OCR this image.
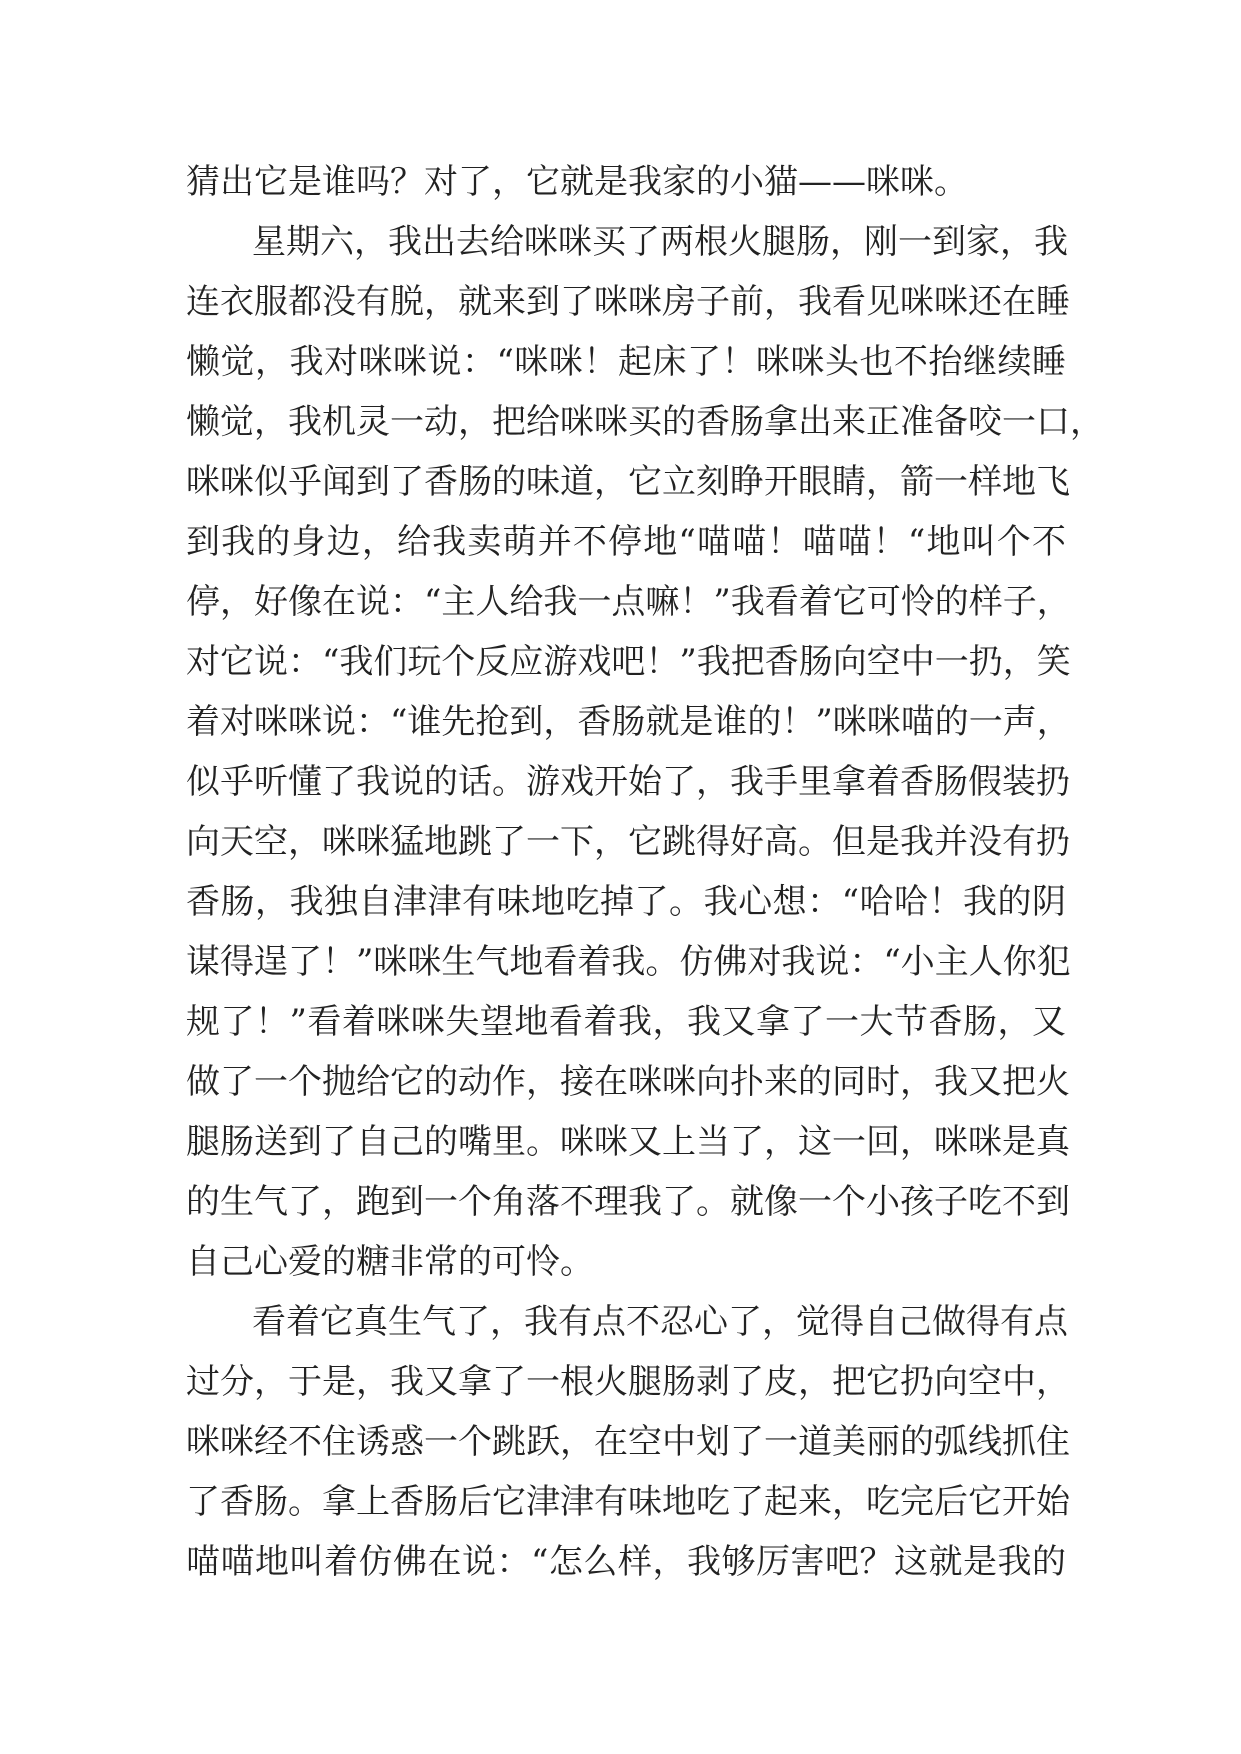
猜出它是谁吗？对了，它就是我家的小猫——咪咪。
星期六，我出去给咪咪买了两根火腿肠，刚一到家，我
连衣服都没有脱，就来到了咪咪房子前，我看见咪咪还在睡
懒觉，我对咪咪说：“咪咪！起床了！咪咪头也不抬继续睡
懒觉，我机灵一动，把给咪咪买的香肠拿出来正准备咬一口，
咪咪似乎闻到了香肠的味道，它立刻睁开眼睛，箭一样地飞
到我的身边，给我卖萌并不停地“喵喵！喵喵！“地叫个不
停，好像在说：“主人给我一点嘛！”我看着它可怜的样子，
对它说：“我们玩个反应游戏吧！”我把香肠向空中一扔，笑
着对咪咪说：“谁先抢到，香肠就是谁的！”咪咪喵的一声，
似乎听懂了我说的话。游戏开始了，我手里拿着香肠假装扔
向天空，咪咪猛地跳了一下，它跳得好高。但是我并没有扔
香肠，我独自津津有味地吃掉了。我心想：“哈哈！我的阴
谋得逞了！”咪咪生气地看着我。仿佛对我说：“小主人你犯
规了！”看着咪咪失望地看着我，我又拿了一大节香肠，又
做了一个抛给它的动作，接在咪咪向扑来的同时，我又把火
腿肠送到了自己的嘴里。咪咪又上当了，这一回，咪咪是真
的生气了，跑到一个角落不理我了。就像一个小孩子吃不到
自己心爱的糖非常的可怜。
看着它真生气了，我有点不忍心了，觉得自己做得有点
过分，于是，我又拿了一根火腿肠剥了皮，把它扔向空中，
咪咪经不住诱惑一个跳跃，在空中划了一道美丽的弧线抓住
了香肠。拿上香肠后它津津有味地吃了起来，吃完后它开始
喵喵地叫着仿佛在说：“怎么样，我够厉害吧？这就是我的
